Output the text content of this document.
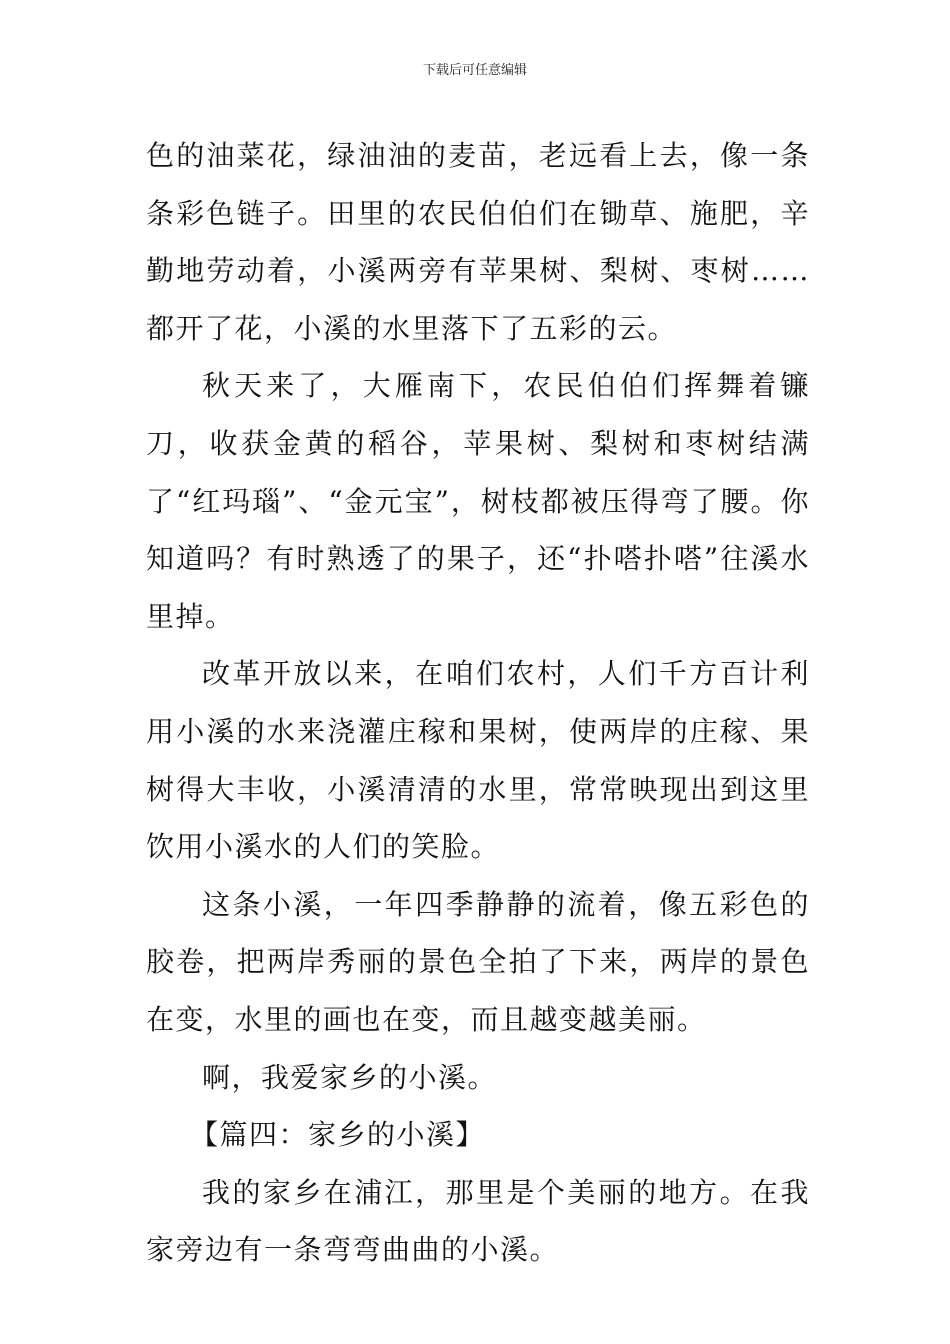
下载后可任意编辑

色的油菜花，绿油油的麦苗，老远看上去，像一条条彩色链子。田里的农民伯伯们在锄草、施肥，辛勤地劳动着，小溪两旁有苹果树、梨树、枣树……都开了花，小溪的水里落下了五彩的云。

秋天来了，大雁南下，农民伯伯们挥舞着镰刀，收获金黄的稻谷，苹果树、梨树和枣树结满了“红玛瑙”、“金元宝”，树枝都被压得弯了腰。你知道吗？有时熟透了的果子，还“扑嗒扑嗒”往溪水里掉。

改革开放以来，在咱们农村，人们千方百计利用小溪的水来浇灌庄稼和果树，使两岸的庄稼、果树得大丰收，小溪清清的水里，常常映现出到这里饮用小溪水的人们的笑脸。

这条小溪，一年四季静静的流着，像五彩色的胶卷，把两岸秀丽的景色全拍了下来，两岸的景色在变，水里的画也在变，而且越变越美丽。

啊，我爱家乡的小溪。

【篇四：家乡的小溪】

我的家乡在浦江，那里是个美丽的地方。在我家旁边有一条弯弯曲曲的小溪。
